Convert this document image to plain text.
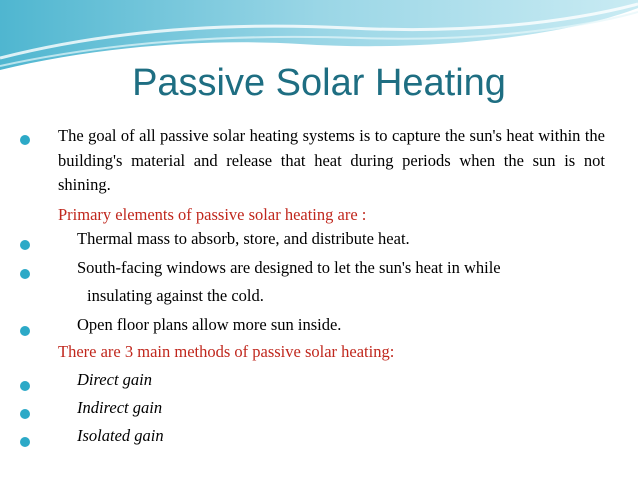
Passive Solar Heating
The goal of all passive solar heating systems is to capture the sun's heat within the building's material and release that heat during periods when the sun is not shining.
Primary elements of passive solar heating are :
Thermal mass to absorb, store, and distribute heat.
South-facing windows are designed to let the sun's heat in while
insulating against the cold.
Open floor plans allow more sun inside.
There are 3 main methods of passive solar heating:
Direct gain
Indirect gain
Isolated gain
